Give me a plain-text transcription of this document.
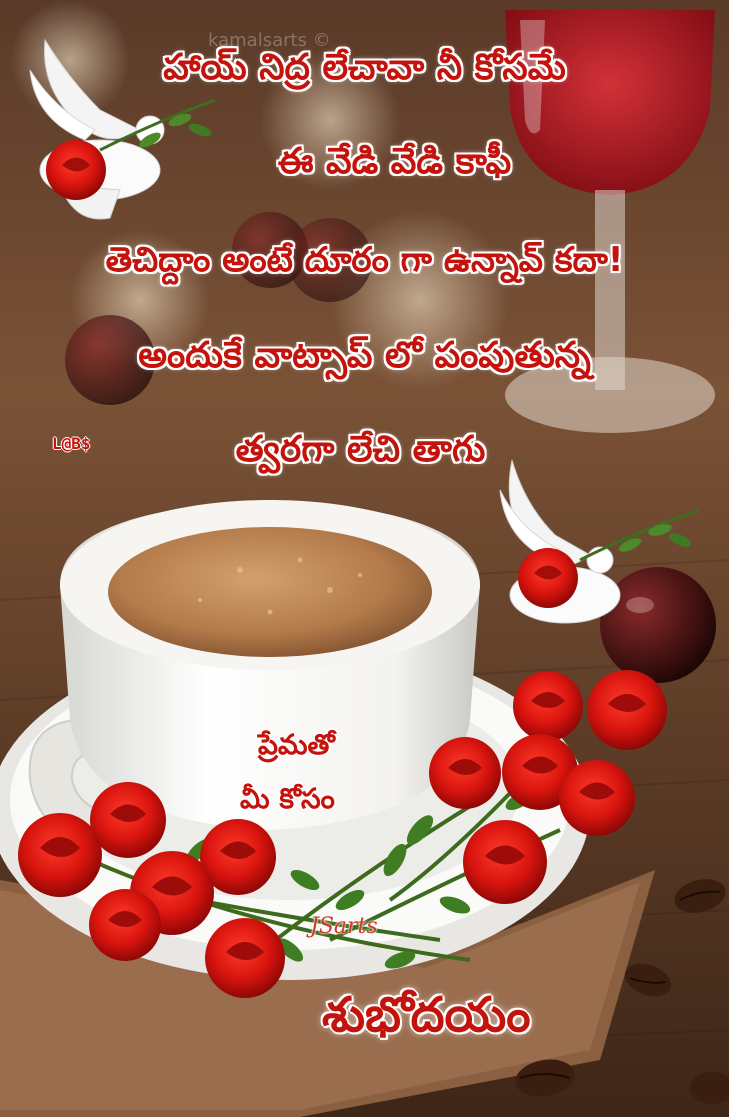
kamalsarts ©
హాయ్ నిద్ర లేచావా నీ కోసమే
ఈ వేడి వేడి కాఫీ
తెచిద్దాం అంటే దూరం గా ఉన్నావ్ కదా!
అందుకే వాట్సాప్ లో పంపుతున్న
త్వరగా లేచి తాగు
L@B$
ప్రేమతో
మీ కోసం
JSarts
శుభోదయం
